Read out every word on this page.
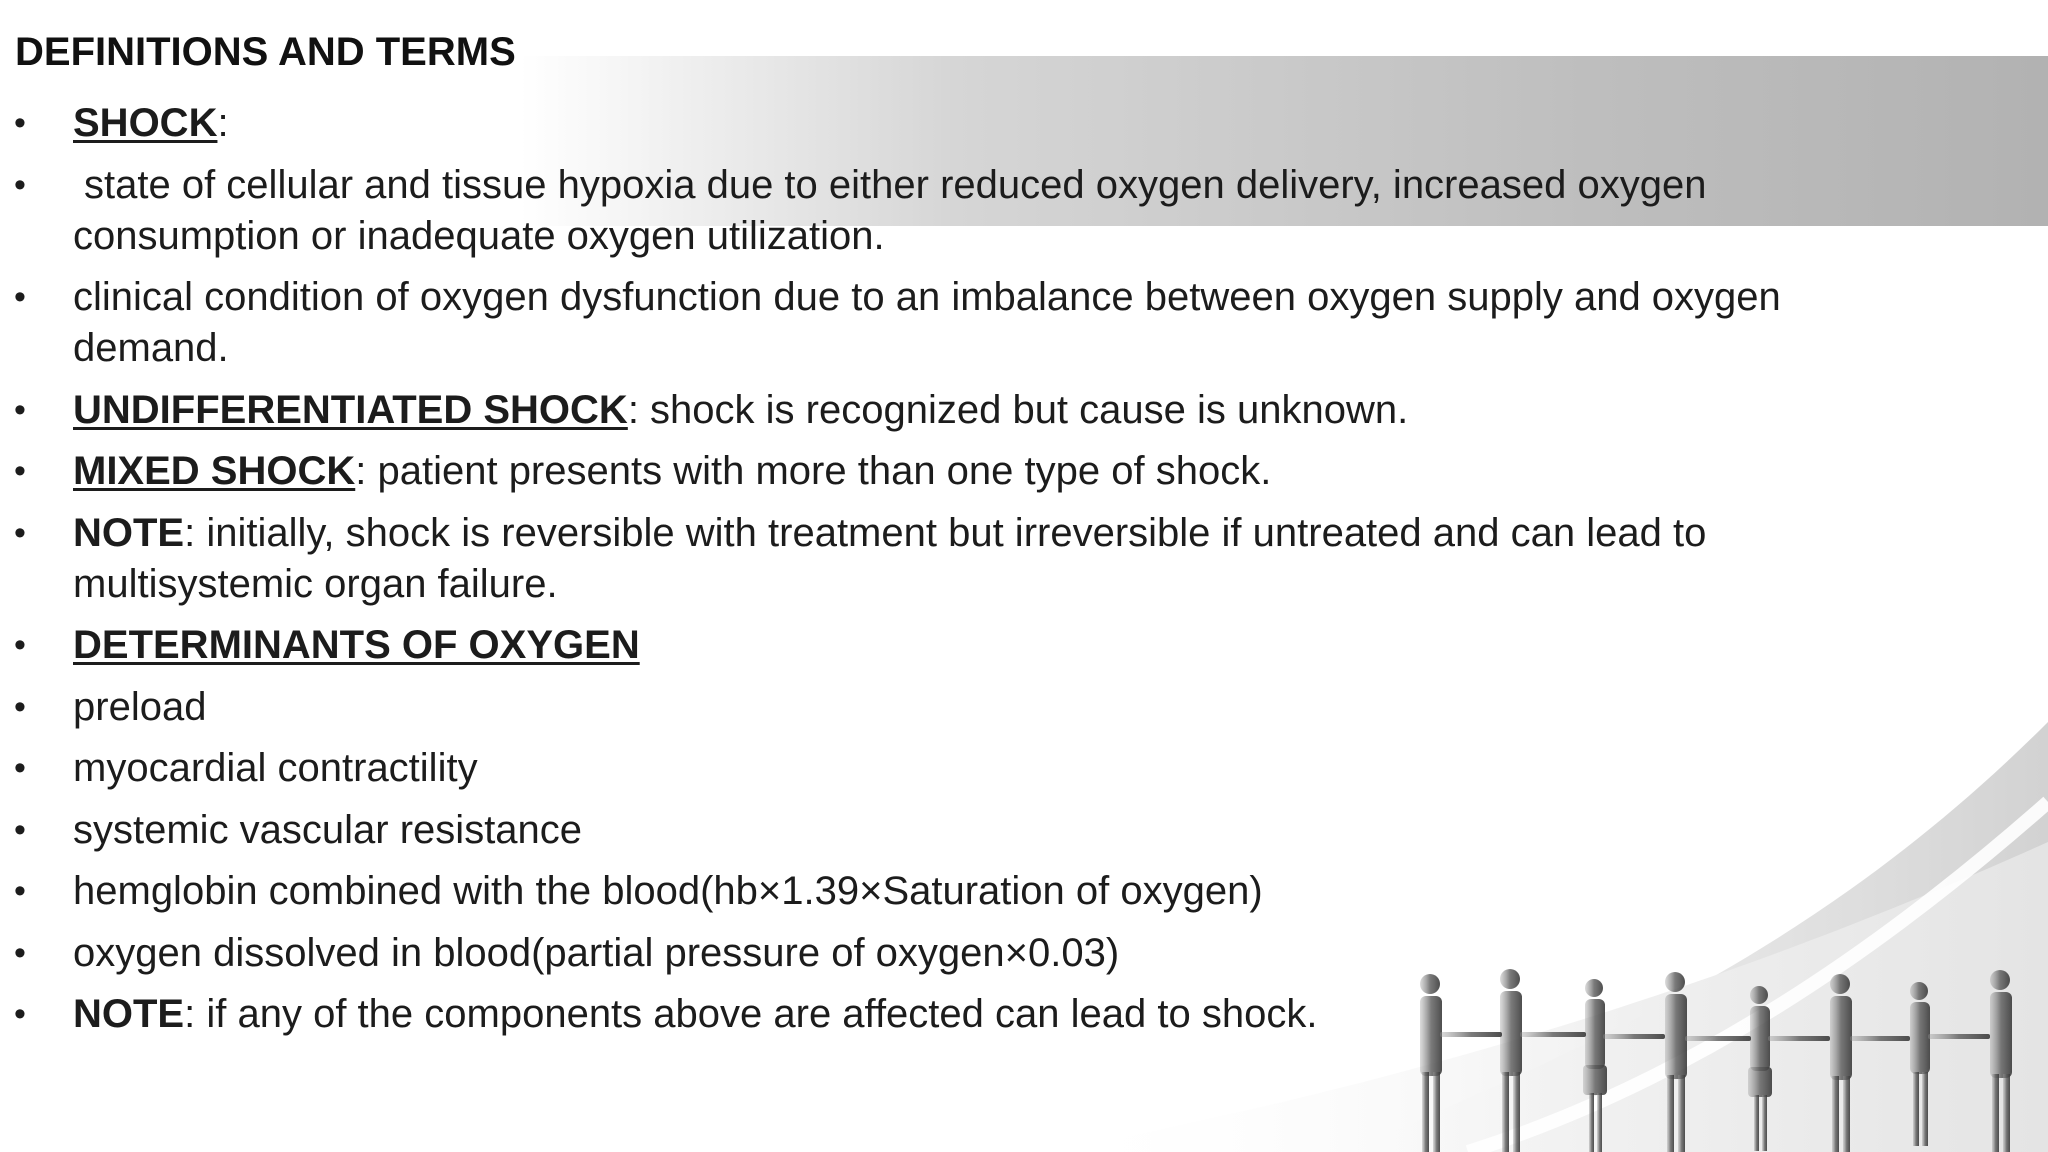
DEFINITIONS AND TERMS
• SHOCK:
• state of cellular and tissue hypoxia due to either reduced oxygen delivery, increased oxygen consumption or inadequate oxygen utilization.
• clinical condition of oxygen dysfunction due to an imbalance between oxygen supply and oxygen demand.
• UNDIFFERENTIATED SHOCK: shock is recognized but cause is unknown.
• MIXED SHOCK: patient presents with more than one type of shock.
• NOTE: initially, shock is reversible with treatment but irreversible if untreated and can lead to multisystemic organ failure.
• DETERMINANTS OF OXYGEN
• preload
• myocardial contractility
• systemic vascular resistance
• hemglobin combined with the blood(hb×1.39×Saturation of oxygen)
• oxygen dissolved in blood(partial pressure of oxygen×0.03)
• NOTE: if any of the components above are affected can lead to shock.
